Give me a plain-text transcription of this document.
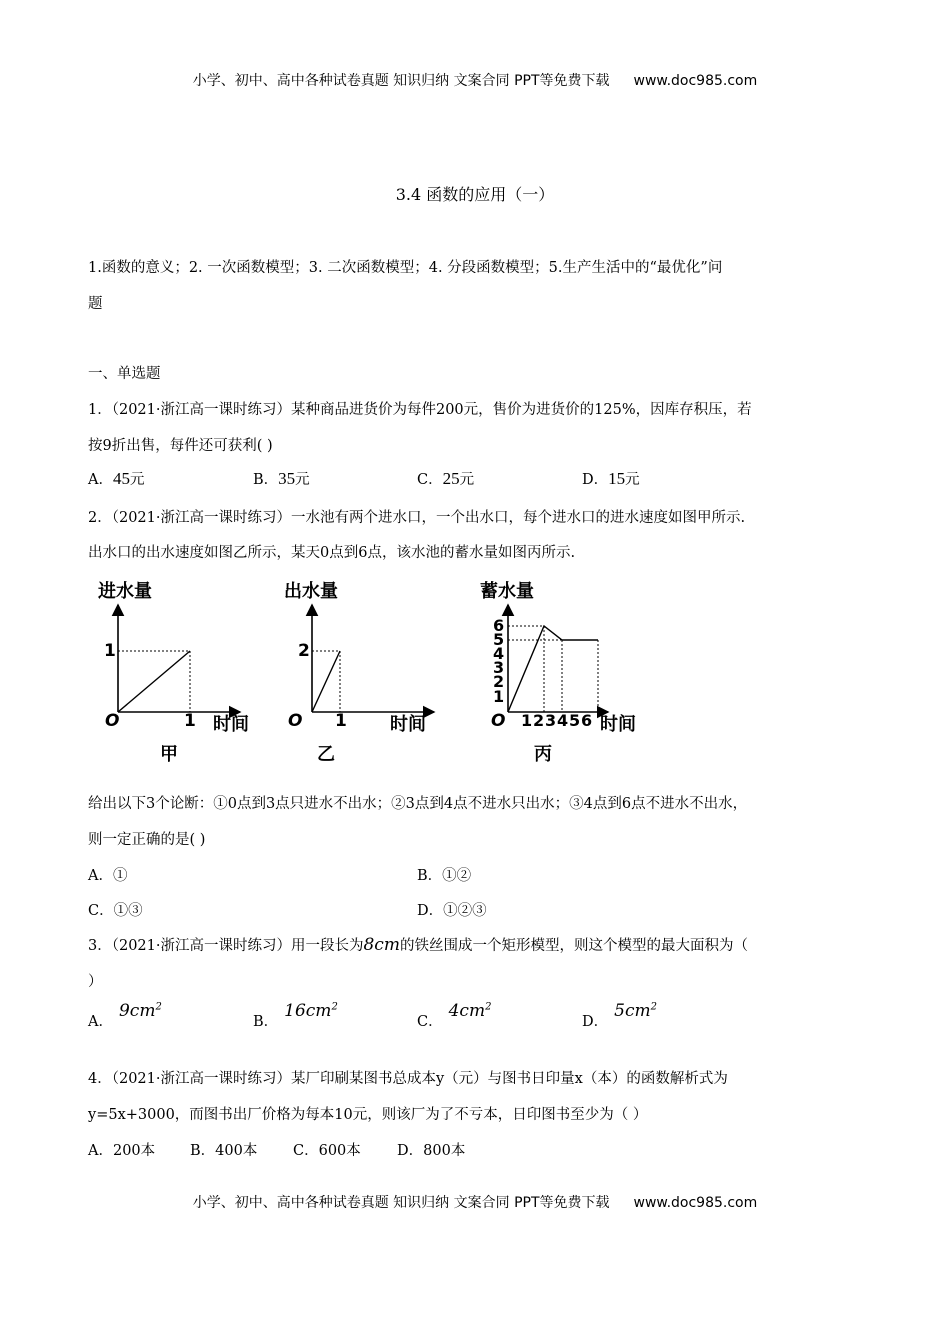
小学、初中、高中各种试卷真题 知识归纳 文案合同 PPT等免费下载 www.doc985.com
3.4 函数的应用（一）
1.函数的意义；2. 一次函数模型；3. 二次函数模型；4. 分段函数模型；5.生产生活中的“最优化”问
题
一、单选题
1．（2021·浙江高一课时练习）某种商品进货价为每件200元，售价为进货价的125%，因库存积压，若
按9折出售，每件还可获利( )
A．45元	B．35元	C．25元	D．15元
2．（2021·浙江高一课时练习）一水池有两个进水口，一个出水口，每个进水口的进水速度如图甲所示.
出水口的出水速度如图乙所示，某天0点到6点，该水池的蓄水量如图丙所示.
进水量
1
O	1 时间
甲
出水量
2
O 1 时间
乙
蓄水量
6
5
4
3
2
1
O 1 2 3 4 5 6 时间
丙
给出以下3个论断：①0点到3点只进水不出水；②3点到4点不进水只出水；③4点到6点不进水不出水，
则一定正确的是( )
A．①	B．①②
C．①③	D．①②③
3．（2021·浙江高一课时练习）用一段长为8cm的铁丝围成一个矩形模型，则这个模型的最大面积为（
）
A．$9cm^2$
B．$16cm^2$
C．$4cm^2$
D．$5cm^2$
4．（2021·浙江高一课时练习）某厂印刷某图书总成本y（元）与图书日印量x（本）的函数解析式为
y=5x+3000，而图书出厂价格为每本10元，则该厂为了不亏本，日印图书至少为（ ）
A．200本 B．400本 C．600本 D．800本
小学、初中、高中各种试卷真题 知识归纳 文案合同 PPT等免费下载 www.doc985.com
